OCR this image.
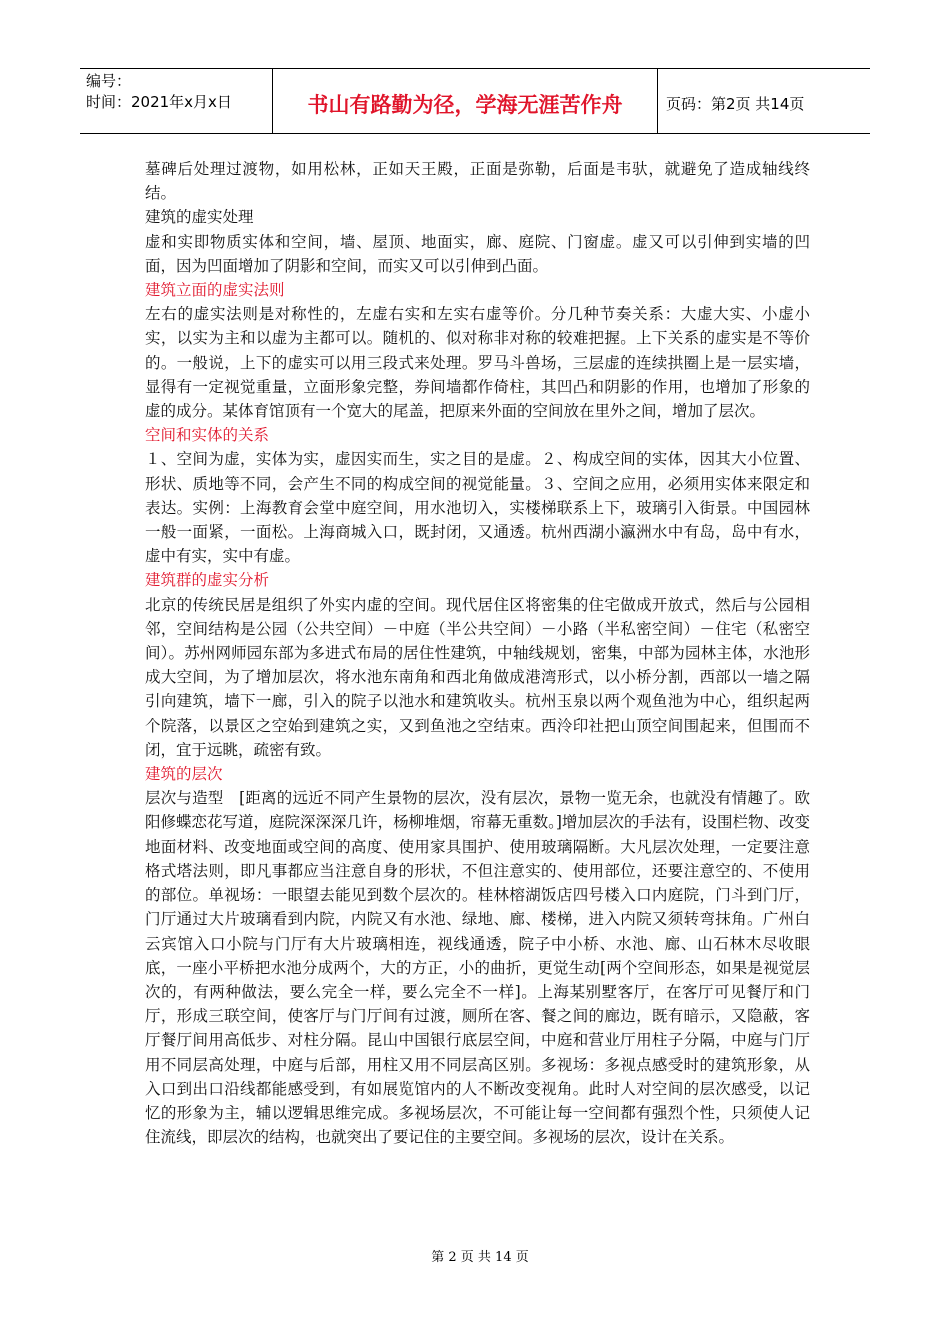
编号：
时间：2021年x月x日	书山有路勤为径，学海无涯苦作舟	页码：第2页 共14页

墓碑后处理过渡物，如用松林，正如天王殿，正面是弥勒，后面是韦驮，就避免了造成轴线终结。

建筑的虚实处理

虚和实即物质实体和空间，墙、屋顶、地面实，廊、庭院、门窗虚。虚又可以引伸到实墙的凹面，因为凹面增加了阴影和空间，而实又可以引伸到凸面。

建筑立面的虚实法则

左右的虚实法则是对称性的，左虚右实和左实右虚等价。分几种节奏关系：大虚大实、小虚小实，以实为主和以虚为主都可以。随机的、似对称非对称的较难把握。上下关系的虚实是不等价的。一般说，上下的虚实可以用三段式来处理。罗马斗兽场，三层虚的连续拱圈上是一层实墙，显得有一定视觉重量，立面形象完整，券间墙都作倚柱，其凹凸和阴影的作用，也增加了形象的虚的成分。某体育馆顶有一个宽大的尾盖，把原来外面的空间放在里外之间，增加了层次。

空间和实体的关系

１、空间为虚，实体为实，虚因实而生，实之目的是虚。２、构成空间的实体，因其大小位置、形状、质地等不同，会产生不同的构成空间的视觉能量。３、空间之应用，必须用实体来限定和表达。实例：上海教育会堂中庭空间，用水池切入，实楼梯联系上下，玻璃引入街景。中国园林一般一面紧，一面松。上海商城入口，既封闭，又通透。杭州西湖小瀛洲水中有岛，岛中有水，虚中有实，实中有虚。

建筑群的虚实分析

北京的传统民居是组织了外实内虚的空间。现代居住区将密集的住宅做成开放式，然后与公园相邻，空间结构是公园（公共空间）－中庭（半公共空间）－小路（半私密空间）－住宅（私密空间）。苏州网师园东部为多进式布局的居住性建筑，中轴线规划，密集，中部为园林主体，水池形成大空间，为了增加层次，将水池东南角和西北角做成港湾形式，以小桥分割，西部以一墙之隔引向建筑，墙下一廊，引入的院子以池水和建筑收头。杭州玉泉以两个观鱼池为中心，组织起两个院落，以景区之空始到建筑之实，又到鱼池之空结束。西泠印社把山顶空间围起来，但围而不闭，宜于远眺，疏密有致。

建筑的层次

层次与造型　[距离的远近不同产生景物的层次，没有层次，景物一览无余，也就没有情趣了。欧阳修蝶恋花写道，庭院深深深几许，杨柳堆烟，帘幕无重数。]增加层次的手法有，设围栏物、改变地面材料、改变地面或空间的高度、使用家具围护、使用玻璃隔断。大凡层次处理，一定要注意格式塔法则，即凡事都应当注意自身的形状，不但注意实的、使用部位，还要注意空的、不使用的部位。单视场：一眼望去能见到数个层次的。桂林榕湖饭店四号楼入口内庭院，门斗到门厅，门厅通过大片玻璃看到内院，内院又有水池、绿地、廊、楼梯，进入内院又须转弯抹角。广州白云宾馆入口小院与门厅有大片玻璃相连，视线通透，院子中小桥、水池、廊、山石林木尽收眼底，一座小平桥把水池分成两个，大的方正，小的曲折，更觉生动[两个空间形态，如果是视觉层次的，有两种做法，要么完全一样，要么完全不一样]。上海某别墅客厅，在客厅可见餐厅和门厅，形成三联空间，使客厅与门厅间有过渡，厕所在客、餐之间的廊边，既有暗示，又隐蔽，客厅餐厅间用高低步、对柱分隔。昆山中国银行底层空间，中庭和营业厅用柱子分隔，中庭与门厅用不同层高处理，中庭与后部，用柱又用不同层高区别。多视场：多视点感受时的建筑形象，从入口到出口沿线都能感受到，有如展览馆内的人不断改变视角。此时人对空间的层次感受，以记忆的形象为主，辅以逻辑思维完成。多视场层次，不可能让每一空间都有强烈个性，只须使人记住流线，即层次的结构，也就突出了要记住的主要空间。多视场的层次，设计在关系。

第 2 页 共 14 页
